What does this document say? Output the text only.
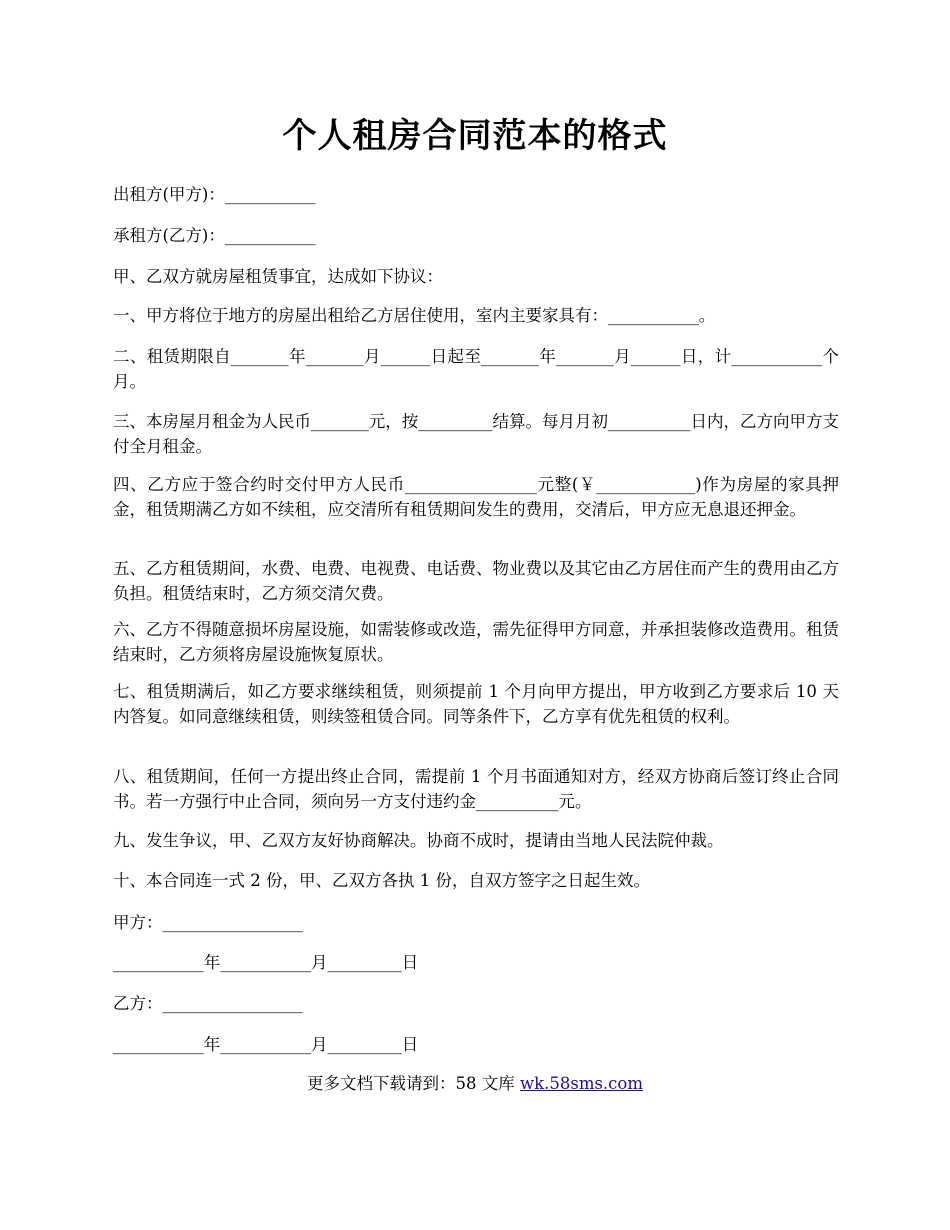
个人租房合同范本的格式
出租方(甲方)：___________
承租方(乙方)：___________
甲、乙双方就房屋租赁事宜，达成如下协议：
一、甲方将位于地方的房屋出租给乙方居住使用，室内主要家具有：___________。
二、租赁期限自_______年_______月______日起至_______年_______月______日，计___________个月。
三、本房屋月租金为人民币_______元，按_________结算。每月月初__________日内，乙方向甲方支付全月租金。
四、乙方应于签合约时交付甲方人民币________________元整(￥____________)作为房屋的家具押金，租赁期满乙方如不续租，应交清所有租赁期间发生的费用，交清后，甲方应无息退还押金。
五、乙方租赁期间，水费、电费、电视费、电话费、物业费以及其它由乙方居住而产生的费用由乙方负担。租赁结束时，乙方须交清欠费。
六、乙方不得随意损坏房屋设施，如需装修或改造，需先征得甲方同意，并承担装修改造费用。租赁结束时，乙方须将房屋设施恢复原状。
七、租赁期满后，如乙方要求继续租赁，则须提前 1 个月向甲方提出，甲方收到乙方要求后 10 天内答复。如同意继续租赁，则续签租赁合同。同等条件下，乙方享有优先租赁的权利。
八、租赁期间，任何一方提出终止合同，需提前 1 个月书面通知对方，经双方协商后签订终止合同书。若一方强行中止合同，须向另一方支付违约金__________元。
九、发生争议，甲、乙双方友好协商解决。协商不成时，提请由当地人民法院仲裁。
十、本合同连一式 2 份，甲、乙双方各执 1 份，自双方签字之日起生效。
甲方：_________________
___________年___________月_________日
乙方：_________________
___________年___________月_________日
更多文档下载请到：58 文库 wk.58sms.com
